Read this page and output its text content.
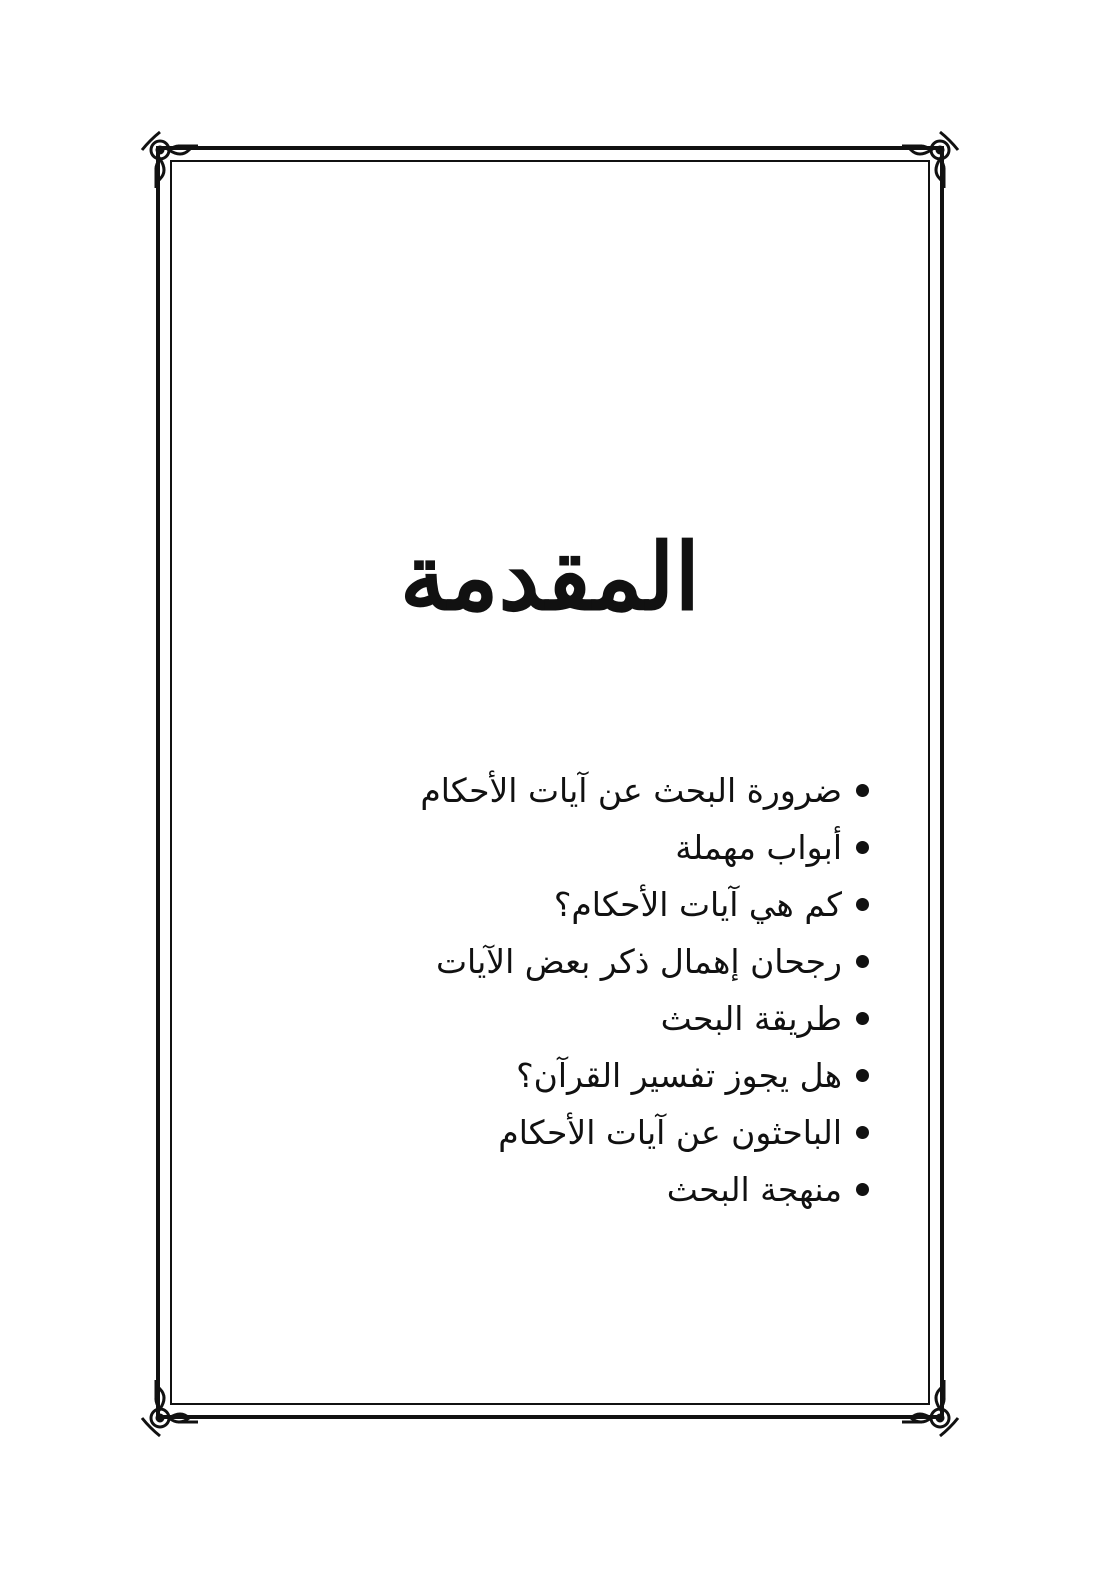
المقدمة
ضرورة البحث عن آيات الأحكام
أبواب مهملة
كم هي آيات الأحكام؟
رجحان إهمال ذكر بعض الآيات
طريقة البحث
هل يجوز تفسير القرآن؟
الباحثون عن آيات الأحكام
منهجة البحث
